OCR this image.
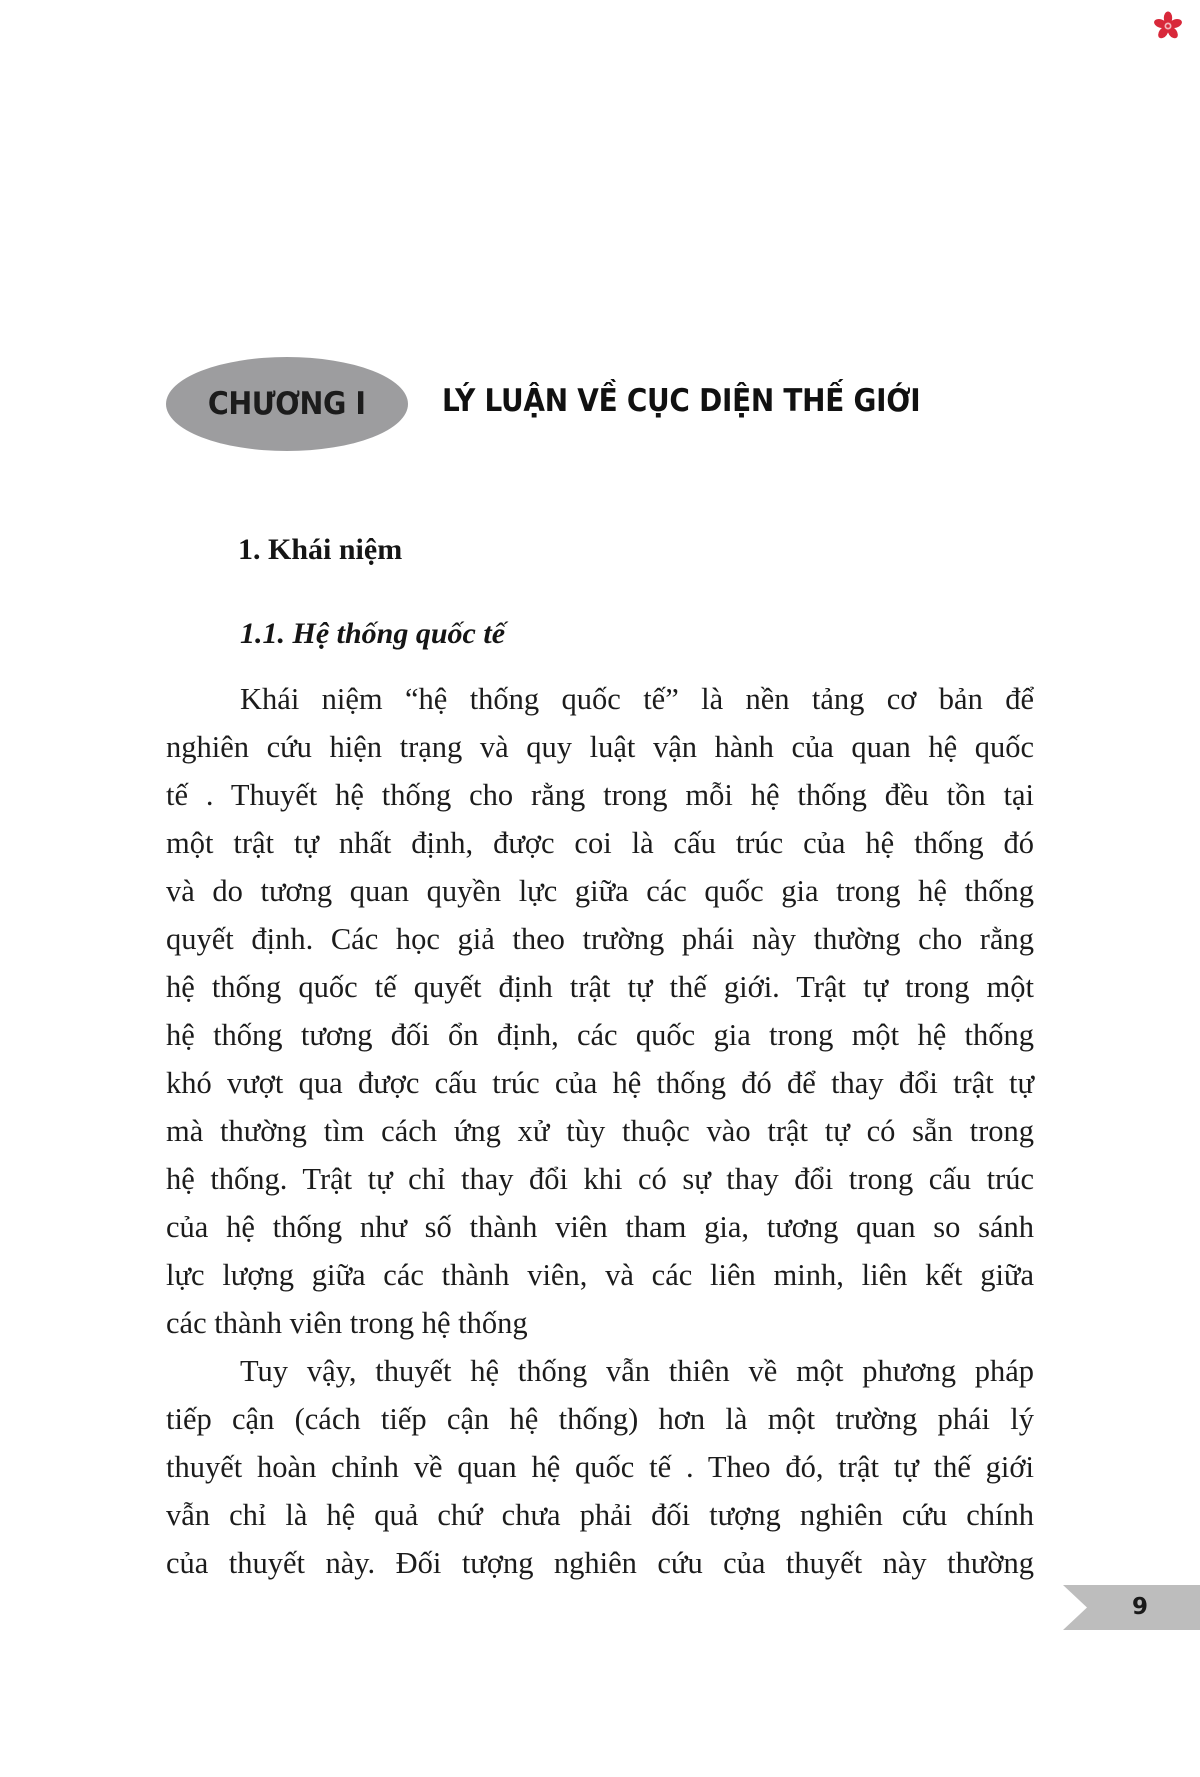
CHƯƠNG I LÝ LUẬN VỀ CỤC DIỆN THẾ GIỚI
1. Khái niệm
1.1. Hệ thống quốc tế
Khái niệm “hệ thống quốc tế” là nền tảng cơ bản để
nghiên cứu hiện trạng và quy luật vận hành của quan hệ quốc
tế . Thuyết hệ thống cho rằng trong mỗi hệ thống đều tồn tại
một trật tự nhất định, được coi là cấu trúc của hệ thống đó
và do tương quan quyền lực giữa các quốc gia trong hệ thống
quyết định. Các học giả theo trường phái này thường cho rằng
hệ thống quốc tế quyết định trật tự thế giới. Trật tự trong một
hệ thống tương đối ổn định, các quốc gia trong một hệ thống
khó vượt qua được cấu trúc của hệ thống đó để thay đổi trật tự
mà thường tìm cách ứng xử tùy thuộc vào trật tự có sẵn trong
hệ thống. Trật tự chỉ thay đổi khi có sự thay đổi trong cấu trúc
của hệ thống như số thành viên tham gia, tương quan so sánh
lực lượng giữa các thành viên, và các liên minh, liên kết giữa
các thành viên trong hệ thống
Tuy vậy, thuyết hệ thống vẫn thiên về một phương pháp
tiếp cận (cách tiếp cận hệ thống) hơn là một trường phái lý
thuyết hoàn chỉnh về quan hệ quốc tế . Theo đó, trật tự thế giới
vẫn chỉ là hệ quả chứ chưa phải đối tượng nghiên cứu chính
của thuyết này. Đối tượng nghiên cứu của thuyết này thường
9
